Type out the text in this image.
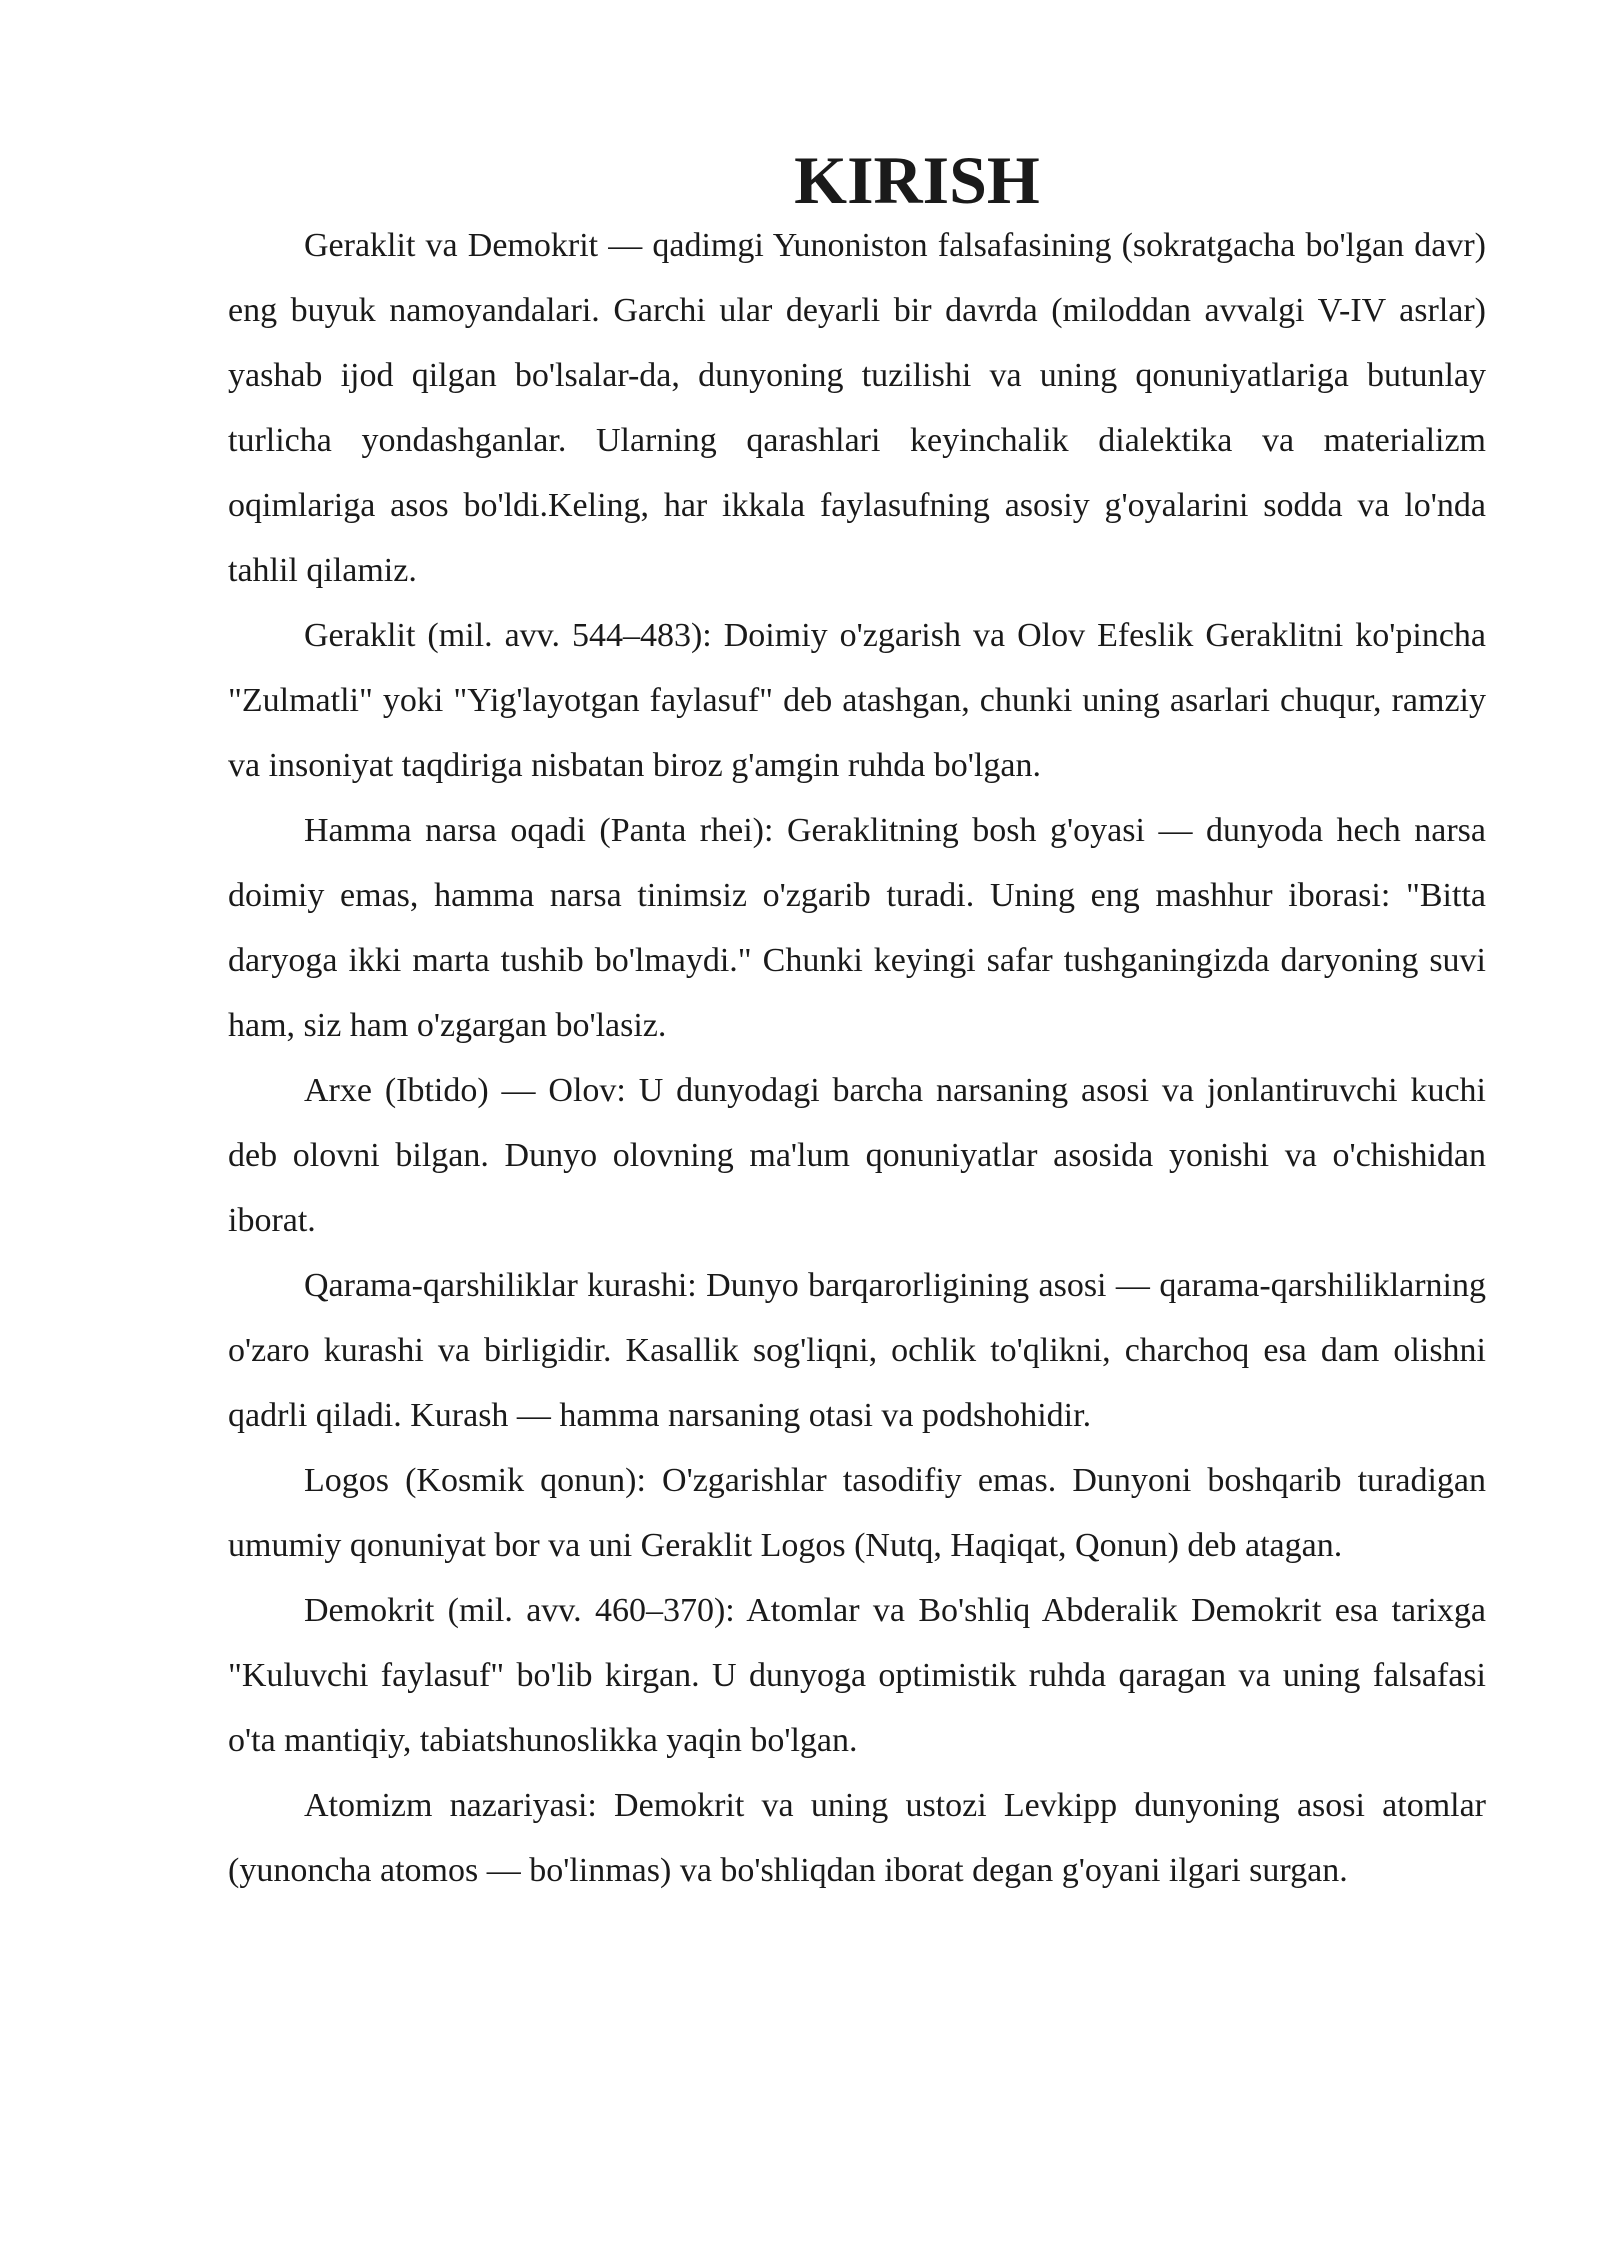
KIRISH

Geraklit va Demokrit — qadimgi Yunoniston falsafasining (sokratgacha bo'lgan davr) eng buyuk namoyandalari. Garchi ular deyarli bir davrda (miloddan avvalgi V-IV asrlar) yashab ijod qilgan bo'lsalar-da, dunyoning tuzilishi va uning qonuniyatlariga butunlay turlicha yondashganlar. Ularning qarashlari keyinchalik dialektika va materializm oqimlariga asos bo'ldi.Keling, har ikkala faylasufning asosiy g'oyalarini sodda va lo'nda tahlil qilamiz.

Geraklit (mil. avv. 544–483): Doimiy o'zgarish va Olov Efeslik Geraklitni ko'pincha "Zulmatli" yoki "Yig'layotgan faylasuf" deb atashgan, chunki uning asarlari chuqur, ramziy va insoniyat taqdiriga nisbatan biroz g'amgin ruhda bo'lgan.

Hamma narsa oqadi (Panta rhei): Geraklitning bosh g'oyasi — dunyoda hech narsa doimiy emas, hamma narsa tinimsiz o'zgarib turadi. Uning eng mashhur iborasi: "Bitta daryoga ikki marta tushib bo'lmaydi." Chunki keyingi safar tushganingizda daryoning suvi ham, siz ham o'zgargan bo'lasiz.

Arxe (Ibtido) — Olov: U dunyodagi barcha narsaning asosi va jonlantiruvchi kuchi deb olovni bilgan. Dunyo olovning ma'lum qonuniyatlar asosida yonishi va o'chishidan iborat.

Qarama-qarshiliklar kurashi: Dunyo barqarorligining asosi — qarama-qarshiliklarning o'zaro kurashi va birligidir. Kasallik sog'liqni, ochlik to'qlikni, charchoq esa dam olishni qadrli qiladi. Kurash — hamma narsaning otasi va podshohidir.

Logos (Kosmik qonun): O'zgarishlar tasodifiy emas. Dunyoni boshqarib turadigan umumiy qonuniyat bor va uni Geraklit Logos (Nutq, Haqiqat, Qonun) deb atagan.

Demokrit (mil. avv. 460–370): Atomlar va Bo'shliq Abderalik Demokrit esa tarixga "Kuluvchi faylasuf" bo'lib kirgan. U dunyoga optimistik ruhda qaragan va uning falsafasi o'ta mantiqiy, tabiatshunoslikka yaqin bo'lgan.

Atomizm nazariyasi: Demokrit va uning ustozi Levkipp dunyoning asosi atomlar (yunoncha atomos — bo'linmas) va bo'shliqdan iborat degan g'oyani ilgari surgan.
